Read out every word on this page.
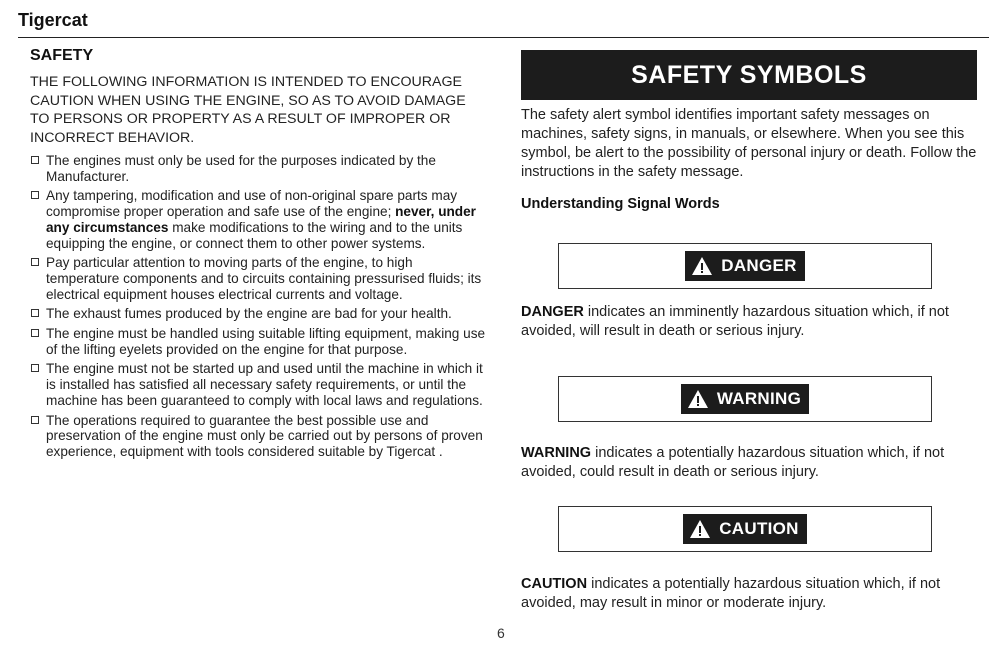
Tigercat
SAFETY

THE FOLLOWING INFORMATION IS INTENDED TO ENCOURAGE CAUTION WHEN USING THE ENGINE, SO AS TO AVOID DAMAGE TO PERSONS OR PROPERTY AS A RESULT OF IMPROPER OR INCORRECT BEHAVIOR.

The engines must only be used for the purposes indicated by the Manufacturer.
Any tampering, modification and use of non-original spare parts may compromise proper operation and safe use of the engine; never, under any circumstances make modifications to the wiring and to the units equipping the engine, or connect them to other power systems.
Pay particular attention to moving parts of the engine, to high temperature components and to circuits containing pressurised fluids; its electrical equipment houses electrical currents and voltage.
The exhaust fumes produced by the engine are bad for your health.
The engine must be handled using suitable lifting equipment, making use of the lifting eyelets provided on the engine for that purpose.
The engine must not be started up and used until the machine in which it is installed has satisfied all necessary safety requirements, or until the machine has been guaranteed to comply with local laws and regulations.
The operations required to guarantee the best possible use and preservation of the engine must only be carried out by persons of proven experience, equipment with tools considered suitable by Tigercat .
SAFETY SYMBOLS

The safety alert symbol identifies important safety messages on machines, safety signs, in manuals, or elsewhere. When you see this symbol, be alert to the possibility of personal injury or death. Follow the instructions in the safety message.

Understanding Signal Words
DANGER
DANGER indicates an imminently hazardous situation which, if not avoided, will result in death or serious injury.
WARNING
WARNING indicates a potentially hazardous situation which, if not avoided, could result in death or serious injury.
CAUTION
CAUTION indicates a potentially hazardous situation which, if not avoided, may result in minor or moderate injury.
6
